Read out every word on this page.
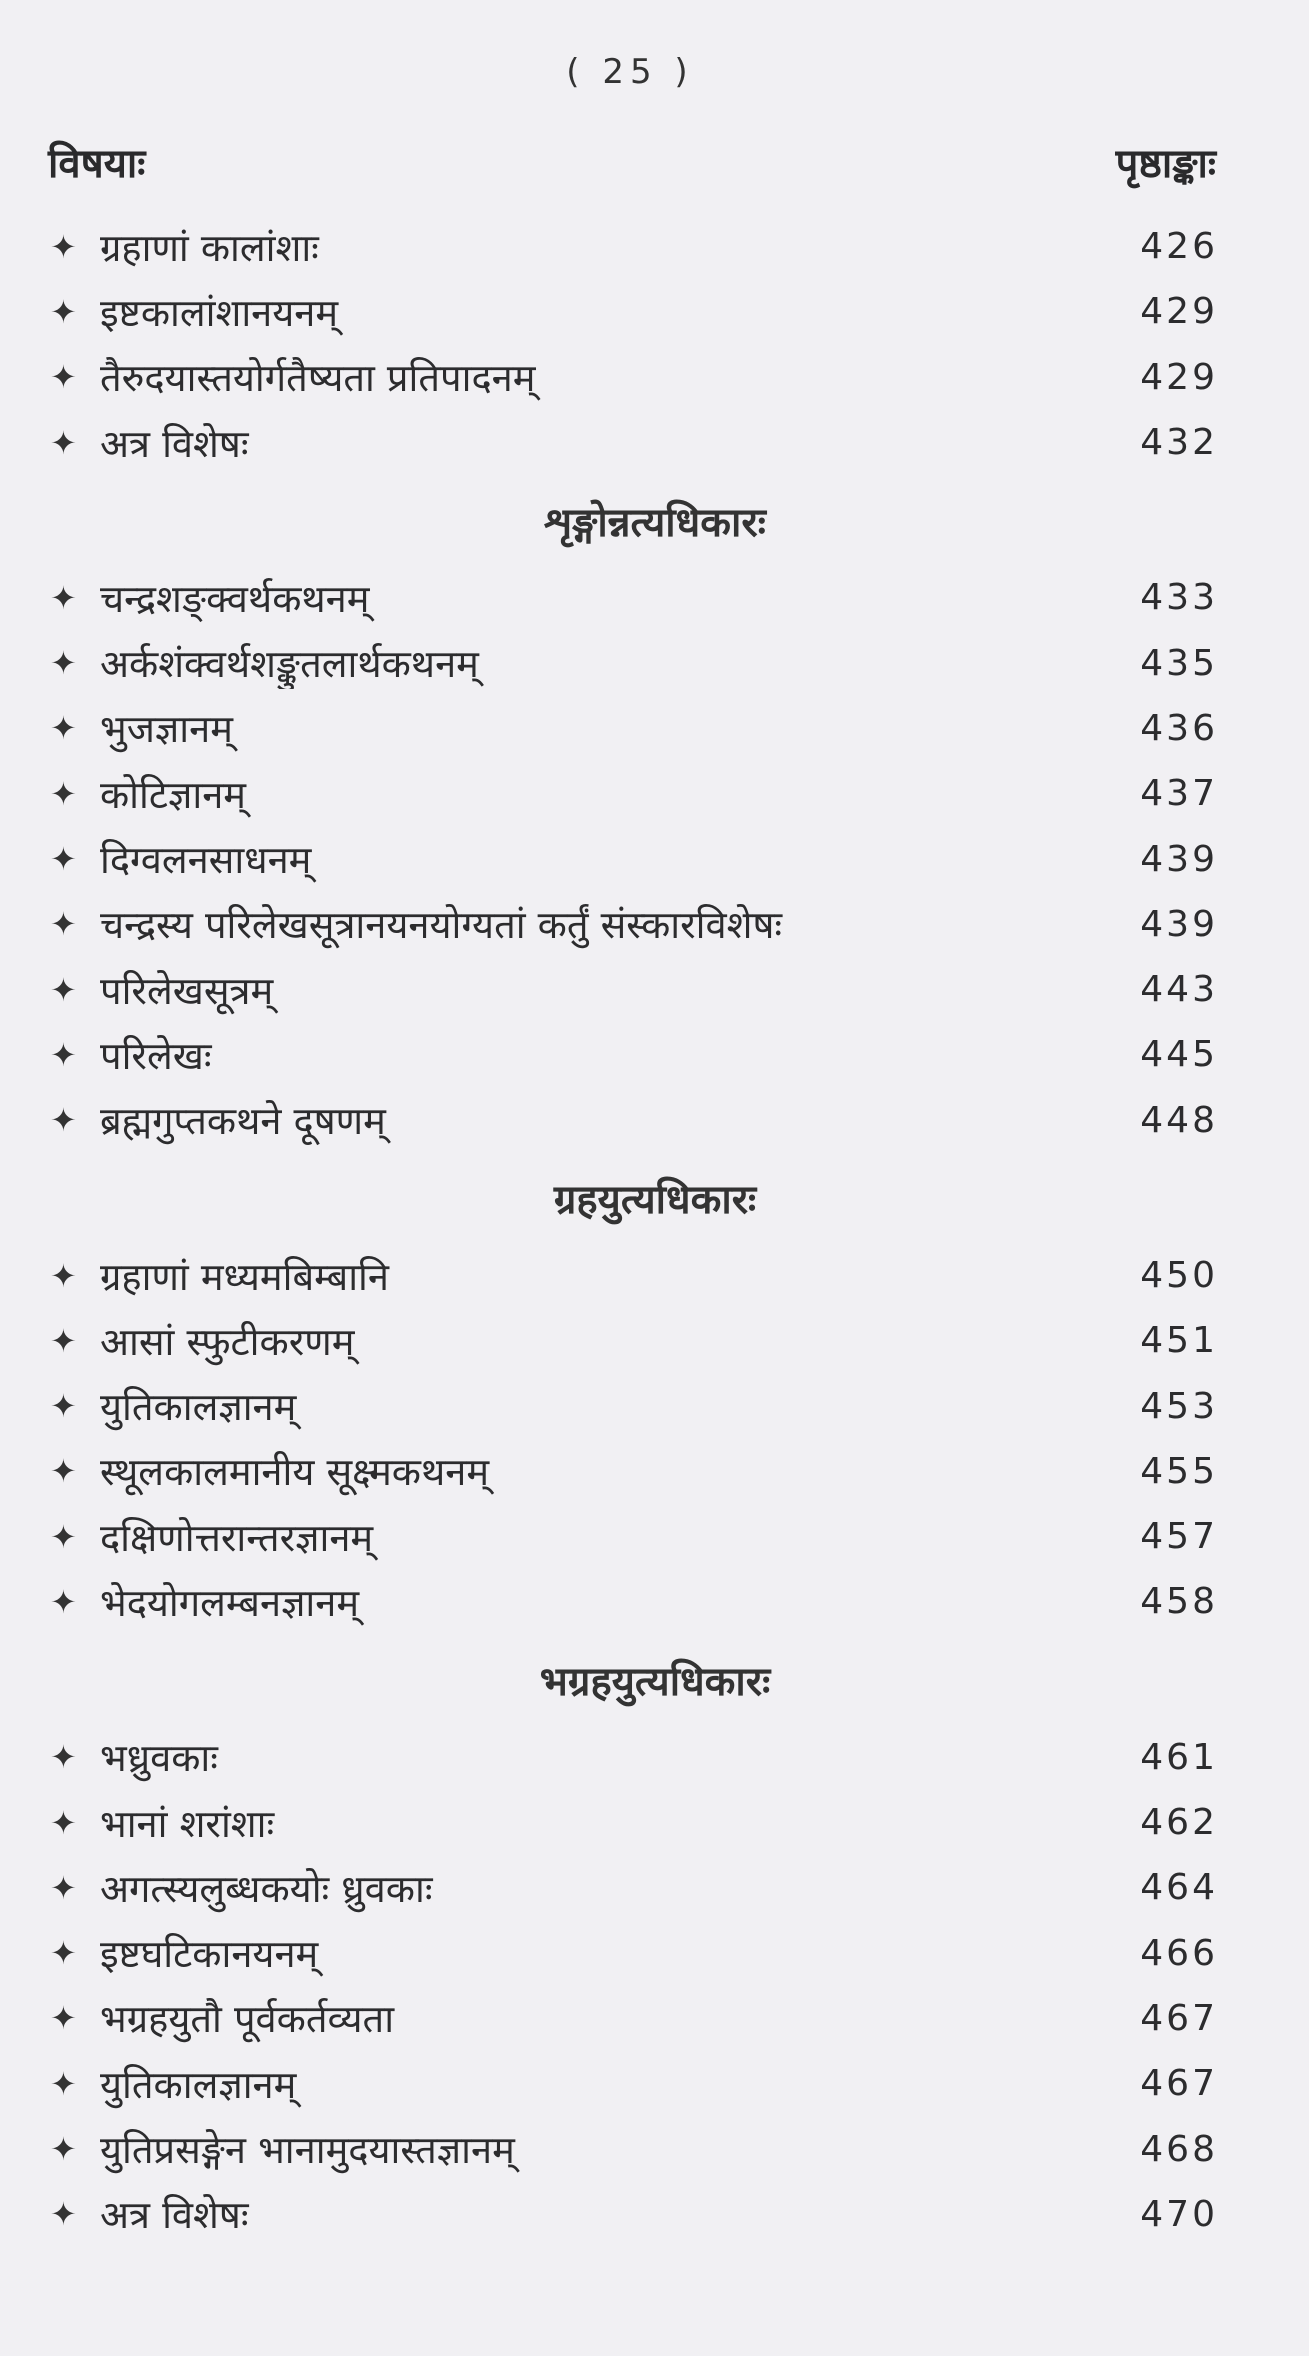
( 25 )
विषयाः	पृष्ठाङ्काः
✦ ग्रहाणां कालांशाः	426
✦ इष्टकालांशानयनम्	429
✦ तैरुदयास्तयोर्गतैष्यता प्रतिपादनम्	429
✦ अत्र विशेषः	432
शृङ्गोन्नत्यधिकारः
✦ चन्द्रशङ्क्वर्थकथनम्	433
✦ अर्कशंक्वर्थशङ्कुतलार्थकथनम्	435
✦ भुजज्ञानम्	436
✦ कोटिज्ञानम्	437
✦ दिग्वलनसाधनम्	439
✦ चन्द्रस्य परिलेखसूत्रानयनयोग्यतां कर्तुं संस्कारविशेषः	439
✦ परिलेखसूत्रम्	443
✦ परिलेखः	445
✦ ब्रह्मगुप्तकथने दूषणम्	448
ग्रहयुत्यधिकारः
✦ ग्रहाणां मध्यमबिम्बानि	450
✦ आसां स्फुटीकरणम्	451
✦ युतिकालज्ञानम्	453
✦ स्थूलकालमानीय सूक्ष्मकथनम्	455
✦ दक्षिणोत्तरान्तरज्ञानम्	457
✦ भेदयोगलम्बनज्ञानम्	458
भग्रहयुत्यधिकारः
✦ भध्रुवकाः	461
✦ भानां शरांशाः	462
✦ अगत्स्यलुब्धकयोः ध्रुवकाः	464
✦ इष्टघटिकानयनम्	466
✦ भग्रहयुतौ पूर्वकर्तव्यता	467
✦ युतिकालज्ञानम्	467
✦ युतिप्रसङ्गेन भानामुदयास्तज्ञानम्	468
✦ अत्र विशेषः	470
